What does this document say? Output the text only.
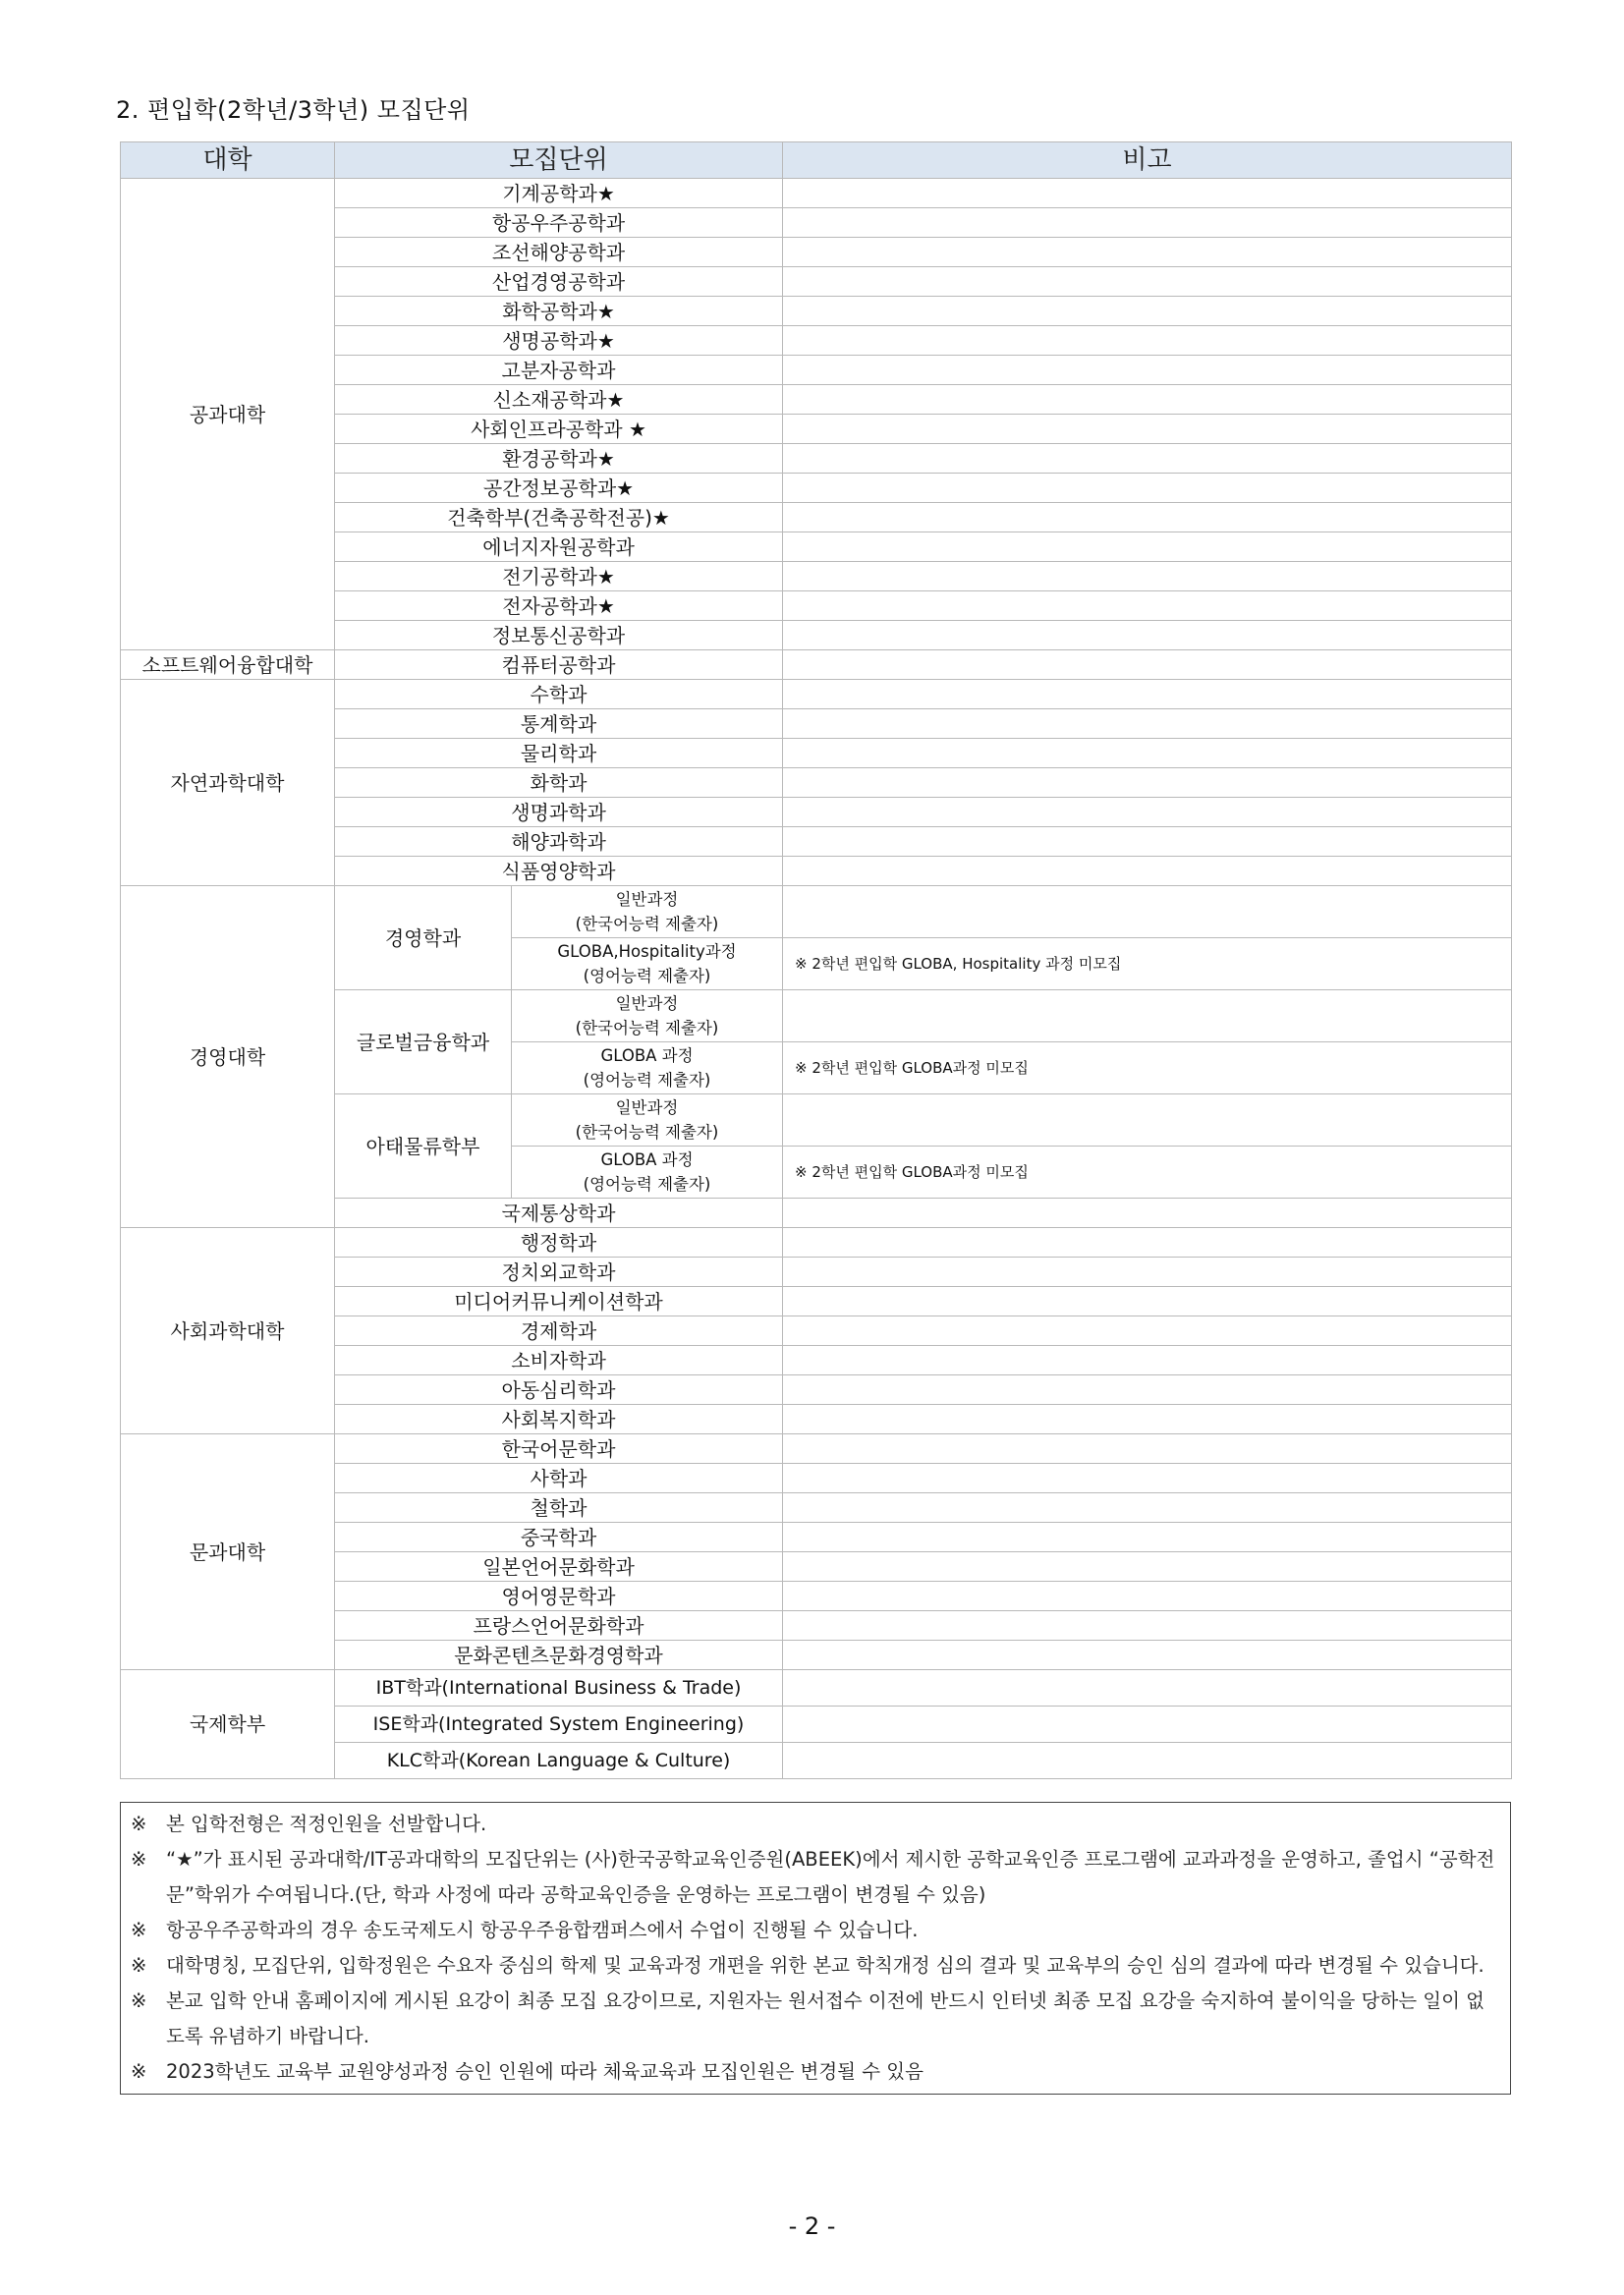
2. 편입학(2학년/3학년) 모집단위
대학	모집단위		비고
공과대학	기계공학과★		
	항공우주공학과		
	조선해양공학과		
	산업경영공학과		
	화학공학과★		
	생명공학과★		
	고분자공학과		
	신소재공학과★		
	사회인프라공학과 ★		
	환경공학과★		
	공간정보공학과★		
	건축학부(건축공학전공)★		
	에너지자원공학과		
	전기공학과★		
	전자공학과★		
	정보통신공학과		
소프트웨어융합대학	컴퓨터공학과		
자연과학대학	수학과		
	통계학과		
	물리학과		
	화학과		
	생명과학과		
	해양과학과		
	식품영양학과		
경영대학	경영학과	일반과정
(한국어능력 제출자)	

		GLOBA,Hospitality과정
(영어능력 제출자)	※ 2학년 편입학 GLOBA, Hospitality 과정 미모집
	글로벌금융학과	일반과정
(한국어능력 제출자)	

		GLOBA 과정
(영어능력 제출자)	※ 2학년 편입학 GLOBA과정 미모집
	아태물류학부	일반과정
(한국어능력 제출자)	

		GLOBA 과정
(영어능력 제출자)	※ 2학년 편입학 GLOBA과정 미모집
	국제통상학과		
사회과학대학	행정학과		
	정치외교학과		
	미디어커뮤니케이션학과		
	경제학과		
	소비자학과		
	아동심리학과		
	사회복지학과		
문과대학	한국어문학과		
	사학과		
	철학과		
	중국학과		
	일본언어문화학과		
	영어영문학과		
	프랑스언어문화학과		
	문화콘텐츠문화경영학과		
국제학부	IBT학과(International Business & Trade)		
	ISE학과(Integrated System Engineering)		
	KLC학과(Korean Language & Culture)		
※	본 입학전형은 적정인원을 선발합니다.
※	“★”가 표시된 공과대학/IT공과대학의 모집단위는 (사)한국공학교육인증원(ABEEK)에서 제시한 공학교육인증 프로그램에 교과과정을 운영하고, 졸업시 “공학전문”학위가 수여됩니다.(단, 학과 사정에 따라 공학교육인증을 운영하는 프로그램이 변경될 수 있음)
※	항공우주공학과의 경우 송도국제도시 항공우주융합캠퍼스에서 수업이 진행될 수 있습니다.
※	대학명칭, 모집단위, 입학정원은 수요자 중심의 학제 및 교육과정 개편을 위한 본교 학칙개정 심의 결과 및 교육부의 승인 심의 결과에 따라 변경될 수 있습니다.
※	본교 입학 안내 홈페이지에 게시된 요강이 최종 모집 요강이므로, 지원자는 원서접수 이전에 반드시 인터넷 최종 모집 요강을 숙지하여 불이익을 당하는 일이 없도록 유념하기 바랍니다.
※	2023학년도 교육부 교원양성과정 승인 인원에 따라 체육교육과 모집인원은 변경될 수 있음
- 2 -
